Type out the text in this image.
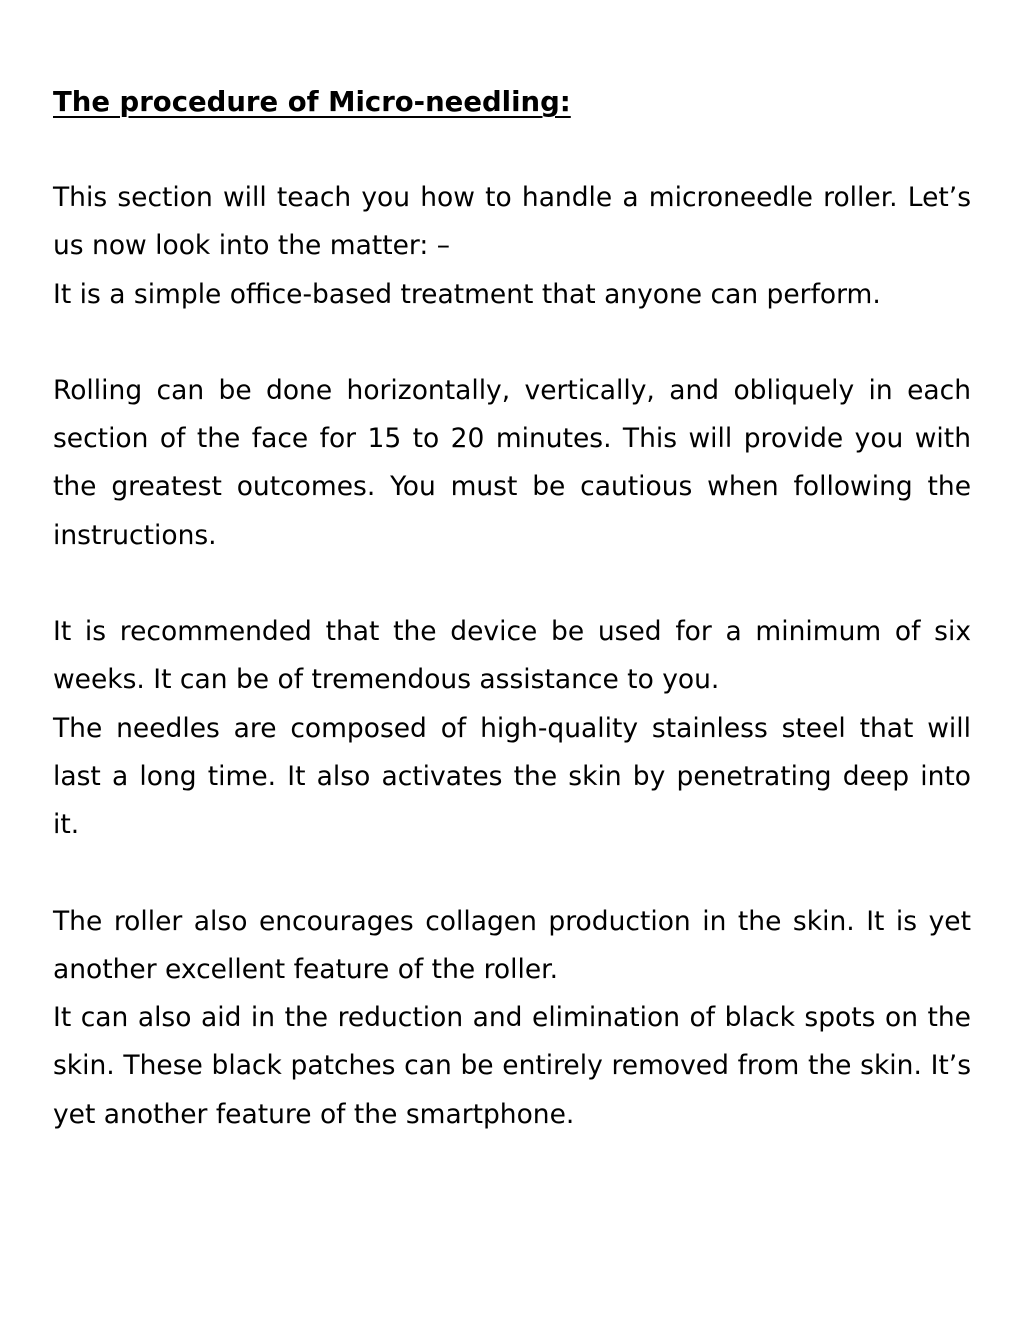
The procedure of Micro-needling:

This section will teach you how to handle a microneedle roller. Let’s us now look into the matter: –

It is a simple office-based treatment that anyone can perform.

Rolling can be done horizontally, vertically, and obliquely in each section of the face for 15 to 20 minutes. This will provide you with the greatest outcomes. You must be cautious when following the instructions.

It is recommended that the device be used for a minimum of six weeks. It can be of tremendous assistance to you.

The needles are composed of high-quality stainless steel that will last a long time. It also activates the skin by penetrating deep into it.

The roller also encourages collagen production in the skin. It is yet another excellent feature of the roller.

It can also aid in the reduction and elimination of black spots on the skin. These black patches can be entirely removed from the skin. It’s yet another feature of the smartphone.
